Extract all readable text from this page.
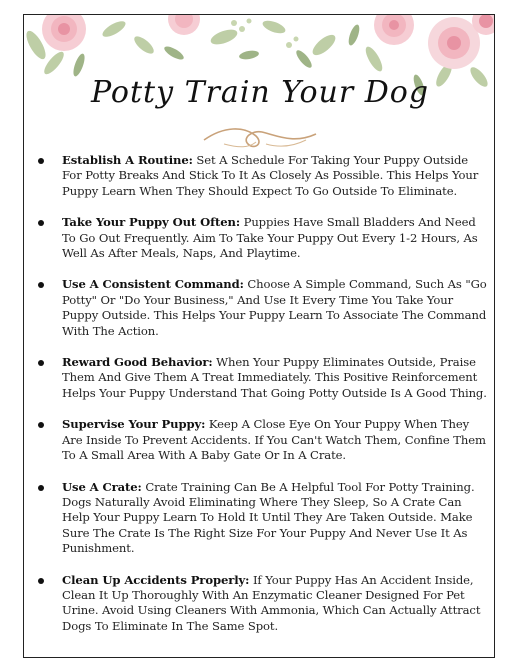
Potty Train Your Dog
Establish A Routine: Set A Schedule For Taking Your Puppy Outside For Potty Breaks And Stick To It As Closely As Possible. This Helps Your Puppy Learn When They Should Expect To Go Outside To Eliminate.
Take Your Puppy Out Often: Puppies Have Small Bladders And Need To Go Out Frequently. Aim To Take Your Puppy Out Every 1-2 Hours, As Well As After Meals, Naps, And Playtime.
Use A Consistent Command: Choose A Simple Command, Such As "Go Potty" Or "Do Your Business," And Use It Every Time You Take Your Puppy Outside. This Helps Your Puppy Learn To Associate The Command With The Action.
Reward Good Behavior: When Your Puppy Eliminates Outside, Praise Them And Give Them A Treat Immediately. This Positive Reinforcement Helps Your Puppy Understand That Going Potty Outside Is A Good Thing.
Supervise Your Puppy: Keep A Close Eye On Your Puppy When They Are Inside To Prevent Accidents. If You Can't Watch Them, Confine Them To A Small Area With A Baby Gate Or In A Crate.
Use A Crate: Crate Training Can Be A Helpful Tool For Potty Training. Dogs Naturally Avoid Eliminating Where They Sleep, So A Crate Can Help Your Puppy Learn To Hold It Until They Are Taken Outside. Make Sure The Crate Is The Right Size For Your Puppy And Never Use It As Punishment.
Clean Up Accidents Properly: If Your Puppy Has An Accident Inside, Clean It Up Thoroughly With An Enzymatic Cleaner Designed For Pet Urine. Avoid Using Cleaners With Ammonia, Which Can Actually Attract Dogs To Eliminate In The Same Spot.
